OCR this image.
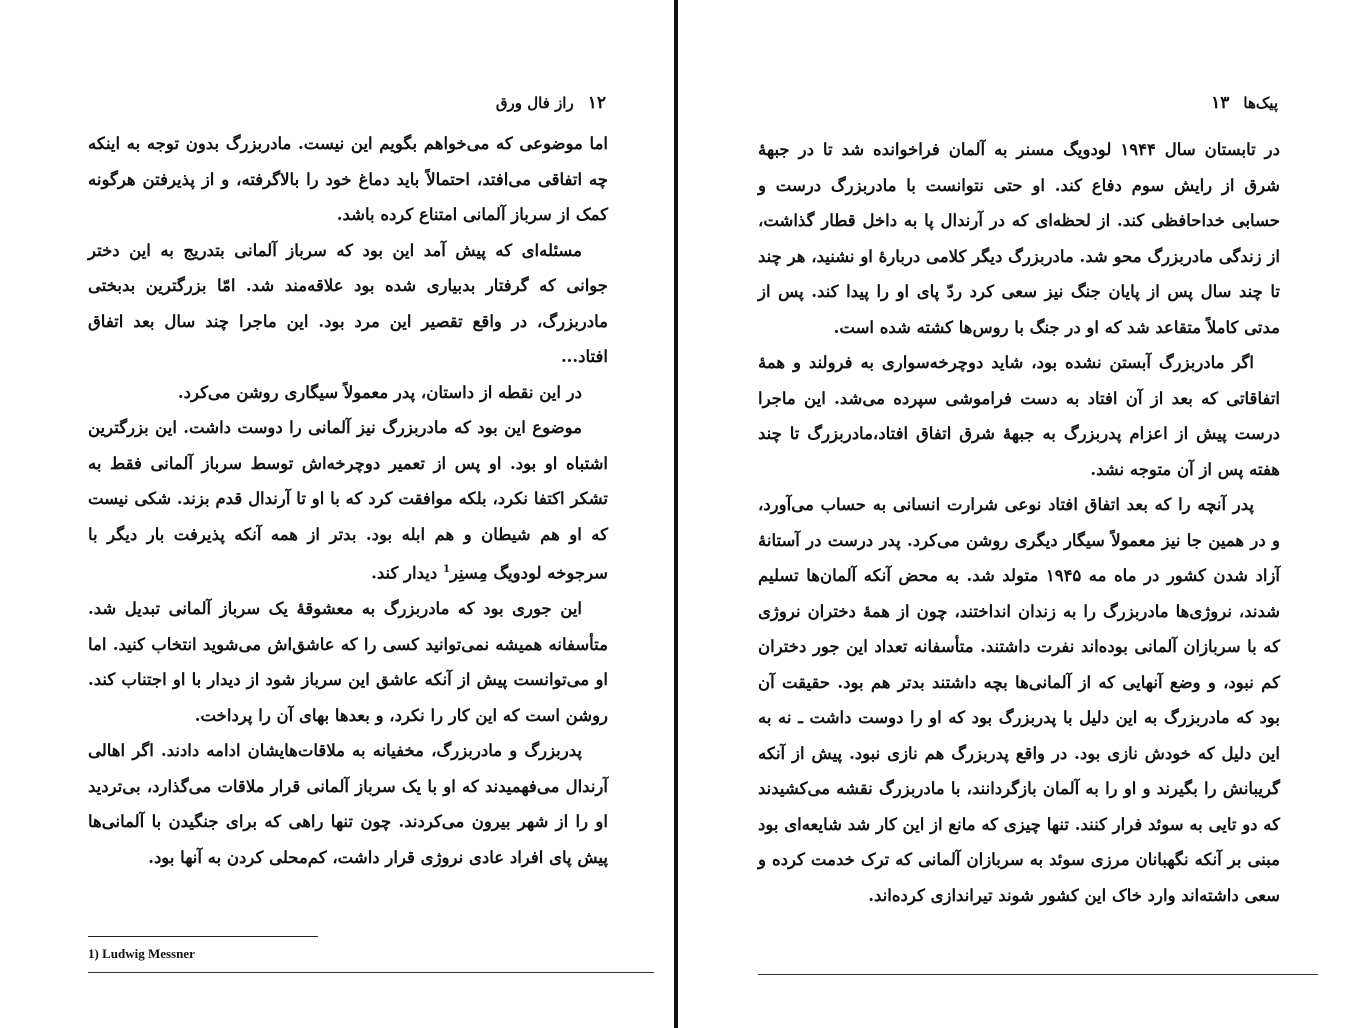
۱۲
راز فال ورق

اما موضوعی که می‌خواهم بگویم این نیست. مادربزرگ بدون توجه به اینکه چه اتفاقی می‌افتد، احتمالاً باید دماغ خود را بالاگرفته، و از پذیرفتن هرگونه کمک از سرباز آلمانی امتناع کرده باشد.

مسئله‌ای که پیش آمد این بود که سرباز آلمانی بتدریج به این دختر جوانی که گرفتار بدبیاری شده بود علاقه‌مند شد. امّا بزرگترین بدبختی مادربزرگ، در واقع تقصیر این مرد بود. این ماجرا چند سال بعد اتفاق افتاد...

در این نقطه از داستان، پدر معمولاً سیگاری روشن می‌کرد.

موضوع این بود که مادربزرگ نیز آلمانی را دوست داشت. این بزرگترین اشتباه او بود. او پس از تعمیر دوچرخه‌اش توسط سرباز آلمانی فقط به تشکر اکتفا نکرد، بلکه موافقت کرد که با او تا آرندال قدم بزند. شکی نیست که او هم شیطان و هم ابله بود. بدتر از همه آنکه پذیرفت بار دیگر با سرجوخه لودویگ مِسنِر$^1$ دیدار کند.

این جوری بود که مادربزرگ به معشوقهٔ یک سرباز آلمانی تبدیل شد. متأسفانه همیشه نمی‌توانید کسی را که عاشق‌اش می‌شوید انتخاب کنید. اما او می‌توانست پیش از آنکه عاشق این سرباز شود از دیدار با او اجتناب کند. روشن است که این کار را نکرد، و بعدها بهای آن را پرداخت.

پدربزرگ و مادربزرگ، مخفیانه به ملاقات‌هایشان ادامه دادند. اگر اهالی آرندال می‌فهمیدند که او با یک سرباز آلمانی قرار ملاقات می‌گذارد، بی‌تردید او را از شهر بیرون می‌کردند. چون تنها راهی که برای جنگیدن با آلمانی‌ها پیش پای افراد عادی نروژی قرار داشت، کم‌محلی کردن به آنها بود.

1) Ludwig Messner
پیک‌ها
۱۳

در تابستان سال ۱۹۴۴ لودویگ مسنر به آلمان فراخوانده شد تا در جبههٔ شرق از رایش سوم دفاع کند. او حتی نتوانست با مادربزرگ درست و حسابی خداحافظی کند. از لحظه‌ای که در آرندال پا به داخل قطار گذاشت، از زندگی مادربزرگ محو شد. مادربزرگ دیگر کلامی دربارهٔ او نشنید، هر چند تا چند سال پس از پایان جنگ نیز سعی کرد ردّ پای او را پیدا کند. پس از مدتی کاملاً متقاعد شد که او در جنگ با روس‌ها کشته شده است.

اگر مادربزرگ آبستن نشده بود، شاید دوچرخه‌سواری به فرولند و همهٔ اتفاقاتی که بعد از آن افتاد به دست فراموشی سپرده می‌شد. این ماجرا درست پیش از اعزام پدربزرگ به جبههٔ شرق اتفاق افتاد،مادربزرگ تا چند هفته پس از آن متوجه نشد.

پدر آنچه را که بعد اتفاق افتاد نوعی شرارت انسانی به حساب می‌آورد، و در همین جا نیز معمولاً سیگار دیگری روشن می‌کرد. پدر درست در آستانهٔ آزاد شدن کشور در ماه مه ۱۹۴۵ متولد شد. به محض آنکه آلمان‌ها تسلیم شدند، نروژی‌ها مادربزرگ را به زندان انداختند، چون از همهٔ دختران نروژی که با سربازان آلمانی بوده‌اند نفرت داشتند. متأسفانه تعداد این جور دختران کم نبود، و وضع آنهایی که از آلمانی‌ها بچه داشتند بدتر هم بود. حقیقت آن بود که مادربزرگ به این دلیل با پدربزرگ بود که او را دوست داشت ـ نه به این دلیل که خودش نازی بود. در واقع پدربزرگ هم نازی نبود. پیش از آنکه گریبانش را بگیرند و او را به آلمان بازگردانند، با مادربزرگ نقشه می‌کشیدند که دو تایی به سوئد فرار کنند. تنها چیزی که مانع از این کار شد شایعه‌ای بود مبنی بر آنکه نگهبانان مرزی سوئد به سربازان آلمانی که ترک خدمت کرده و سعی داشته‌اند وارد خاک این کشور شوند تیراندازی کرده‌اند.
